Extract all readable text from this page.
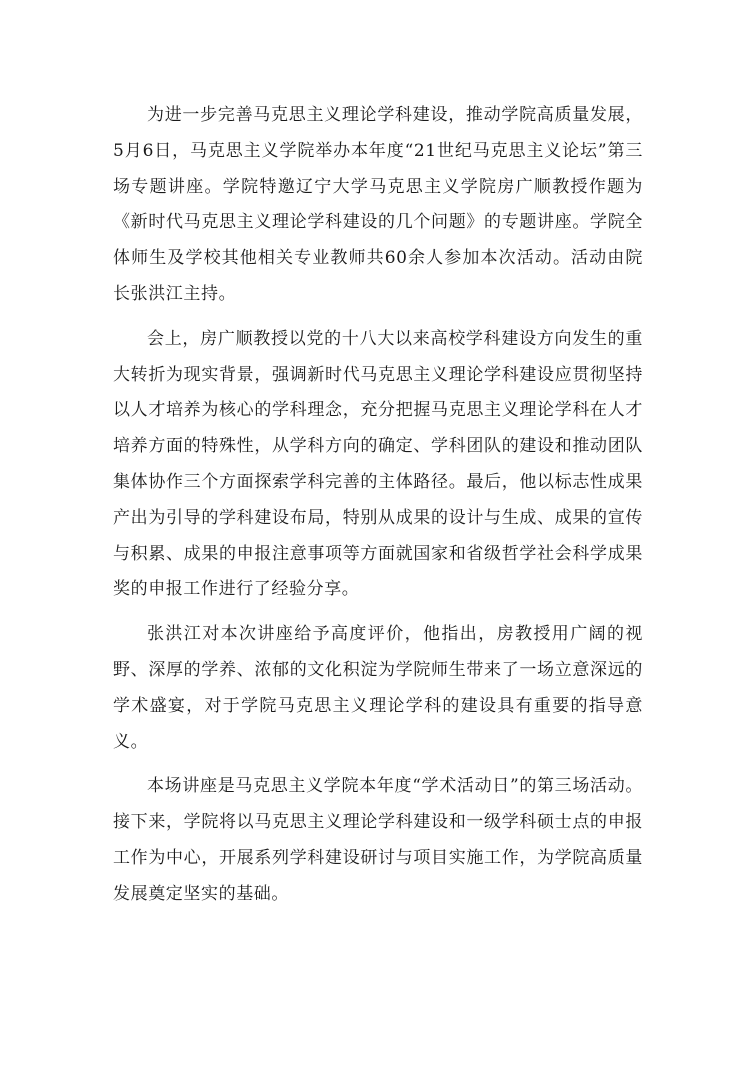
为进一步完善马克思主义理论学科建设，推动学院高质量发展，5月6日，马克思主义学院举办本年度“21世纪马克思主义论坛”第三场专题讲座。学院特邀辽宁大学马克思主义学院房广顺教授作题为《新时代马克思主义理论学科建设的几个问题》的专题讲座。学院全体师生及学校其他相关专业教师共60余人参加本次活动。活动由院长张洪江主持。

会上，房广顺教授以党的十八大以来高校学科建设方向发生的重大转折为现实背景，强调新时代马克思主义理论学科建设应贯彻坚持以人才培养为核心的学科理念，充分把握马克思主义理论学科在人才培养方面的特殊性，从学科方向的确定、学科团队的建设和推动团队集体协作三个方面探索学科完善的主体路径。最后，他以标志性成果产出为引导的学科建设布局，特别从成果的设计与生成、成果的宣传与积累、成果的申报注意事项等方面就国家和省级哲学社会科学成果奖的申报工作进行了经验分享。

张洪江对本次讲座给予高度评价，他指出，房教授用广阔的视野、深厚的学养、浓郁的文化积淀为学院师生带来了一场立意深远的学术盛宴，对于学院马克思主义理论学科的建设具有重要的指导意义。

本场讲座是马克思主义学院本年度“学术活动日”的第三场活动。接下来，学院将以马克思主义理论学科建设和一级学科硕士点的申报工作为中心，开展系列学科建设研讨与项目实施工作，为学院高质量发展奠定坚实的基础。
